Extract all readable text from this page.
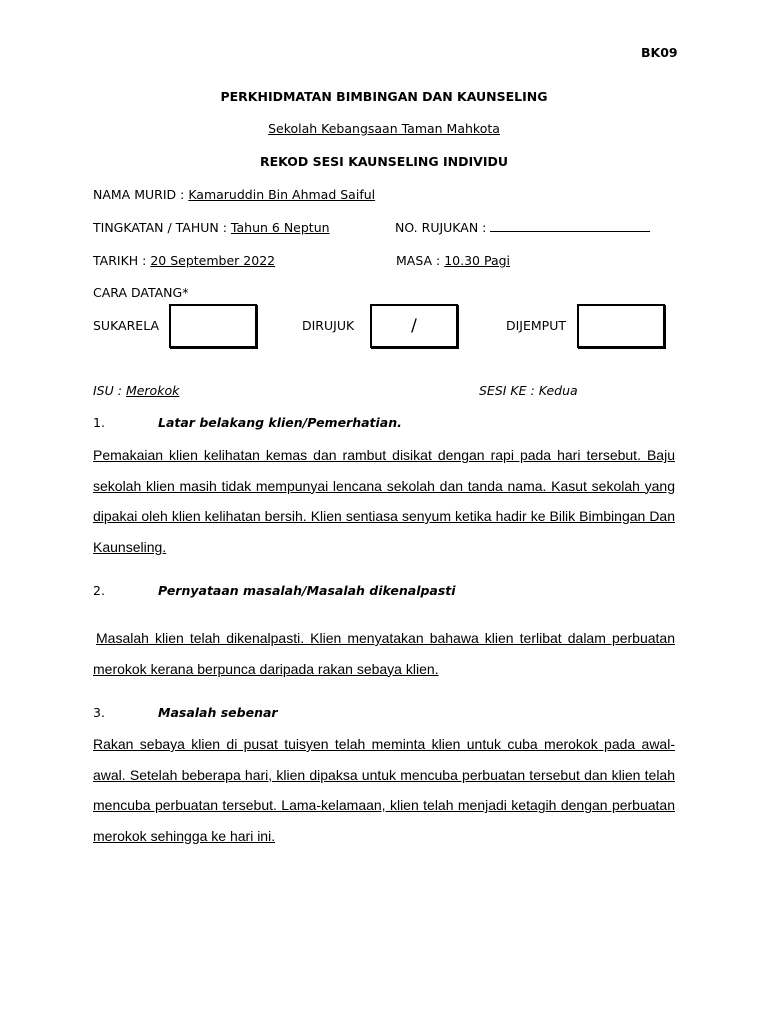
BK09
PERKHIDMATAN BIMBINGAN DAN KAUNSELING
Sekolah Kebangsaan Taman Mahkota
REKOD SESI KAUNSELING INDIVIDU
NAMA MURID : Kamaruddin Bin Ahmad Saiful
TINGKATAN / TAHUN : Tahun 6 Neptun	NO. RUJUKAN :
TARIKH : 20 September 2022	MASA : 10.30 Pagi
CARA DATANG*
SUKARELA	DIRUJUK	/	DIJEMPUT
ISU : Merokok	SESI KE : Kedua
1.	Latar belakang klien/Pemerhatian.

Pemakaian klien kelihatan kemas dan rambut disikat dengan rapi pada hari tersebut. Baju sekolah klien masih tidak mempunyai lencana sekolah dan tanda nama. Kasut sekolah yang dipakai oleh klien kelihatan bersih. Klien sentiasa senyum ketika hadir ke Bilik Bimbingan Dan Kaunseling.

2.	Pernyataan masalah/Masalah dikenalpasti

Masalah klien telah dikenalpasti. Klien menyatakan bahawa klien terlibat dalam perbuatan merokok kerana berpunca daripada rakan sebaya klien.

3.	Masalah sebenar

Rakan sebaya klien di pusat tuisyen telah meminta klien untuk cuba merokok pada awal-awal. Setelah beberapa hari, klien dipaksa untuk mencuba perbuatan tersebut dan klien telah mencuba perbuatan tersebut. Lama-kelamaan, klien telah menjadi ketagih dengan perbuatan merokok sehingga ke hari ini.
